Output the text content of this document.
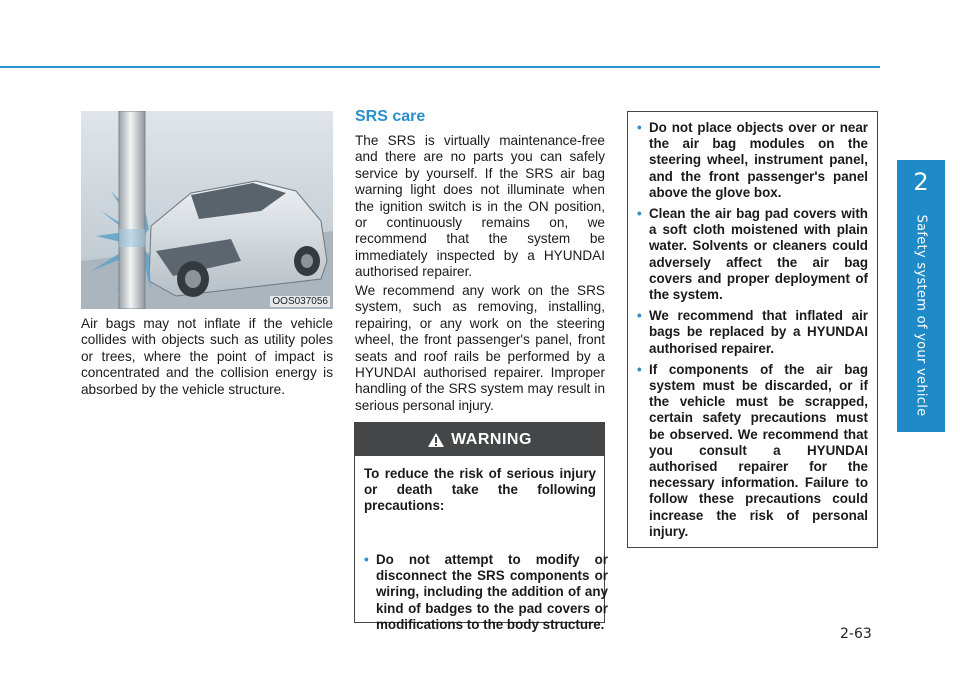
2
Safety system of your vehicle
OOS037056

Air bags may not inflate if the vehicle collides with objects such as utility poles or trees, where the point of impact is concentrated and the collision energy is absorbed by the vehicle structure.

SRS care

The SRS is virtually maintenance-free and there are no parts you can safely service by yourself. If the SRS air bag warning light does not illuminate when the ignition switch is in the ON position, or continuously remains on, we recommend that the system be immediately inspected by a HYUNDAI authorised repairer.

We recommend any work on the SRS system, such as removing, installing, repairing, or any work on the steering wheel, the front passenger's panel, front seats and roof rails be performed by a HYUNDAI authorised repairer. Improper handling of the SRS system may result in serious personal injury.

WARNING

To reduce the risk of serious injury or death take the following precautions:

• Do not attempt to modify or disconnect the SRS components or wiring, including the addition of any kind of badges to the pad covers or modifications to the body structure.
• Do not place objects over or near the air bag modules on the steering wheel, instrument panel, and the front passenger's panel above the glove box.
• Clean the air bag pad covers with a soft cloth moistened with plain water. Solvents or cleaners could adversely affect the air bag covers and proper deployment of the system.
• We recommend that inflated air bags be replaced by a HYUNDAI authorised repairer.
• If components of the air bag system must be discarded, or if the vehicle must be scrapped, certain safety precautions must be observed. We recommend that you consult a HYUNDAI authorised repairer for the necessary information. Failure to follow these precautions could increase the risk of personal injury.
2-63
